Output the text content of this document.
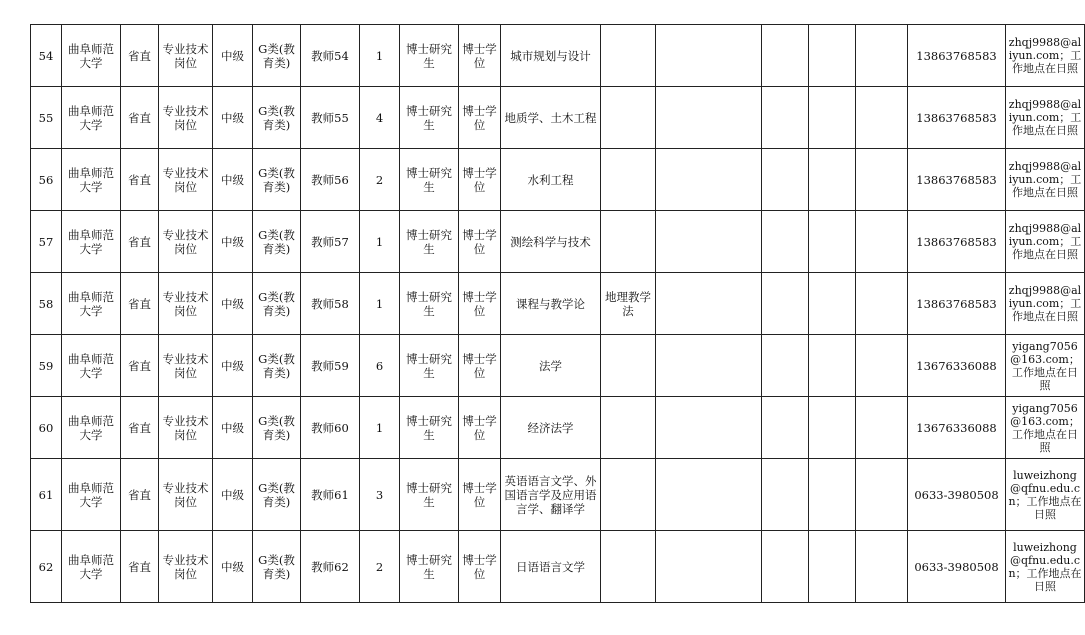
54	曲阜师范大学	省直	专业技术岗位	中级	G类(教育类)	教师54	1	博士研究生	博士学位	城市规划与设计						13863768583	zhqj9988@aliyun.com；工作地点在日照
55	曲阜师范大学	省直	专业技术岗位	中级	G类(教育类)	教师55	4	博士研究生	博士学位	地质学、土木工程						13863768583	zhqj9988@aliyun.com；工作地点在日照
56	曲阜师范大学	省直	专业技术岗位	中级	G类(教育类)	教师56	2	博士研究生	博士学位	水利工程						13863768583	zhqj9988@aliyun.com；工作地点在日照
57	曲阜师范大学	省直	专业技术岗位	中级	G类(教育类)	教师57	1	博士研究生	博士学位	测绘科学与技术						13863768583	zhqj9988@aliyun.com；工作地点在日照
58	曲阜师范大学	省直	专业技术岗位	中级	G类(教育类)	教师58	1	博士研究生	博士学位	课程与教学论	地理教学法					13863768583	zhqj9988@aliyun.com；工作地点在日照
59	曲阜师范大学	省直	专业技术岗位	中级	G类(教育类)	教师59	6	博士研究生	博士学位	法学						13676336088	yigang7056@163.com；工作地点在日照
60	曲阜师范大学	省直	专业技术岗位	中级	G类(教育类)	教师60	1	博士研究生	博士学位	经济法学						13676336088	yigang7056@163.com；工作地点在日照
61	曲阜师范大学	省直	专业技术岗位	中级	G类(教育类)	教师61	3	博士研究生	博士学位	英语语言文学、外国语言学及应用语言学、翻译学						0633-3980508	luweizhong@qfnu.edu.cn；工作地点在日照
62	曲阜师范大学	省直	专业技术岗位	中级	G类(教育类)	教师62	2	博士研究生	博士学位	日语语言文学						0633-3980508	luweizhong@qfnu.edu.cn；工作地点在日照
